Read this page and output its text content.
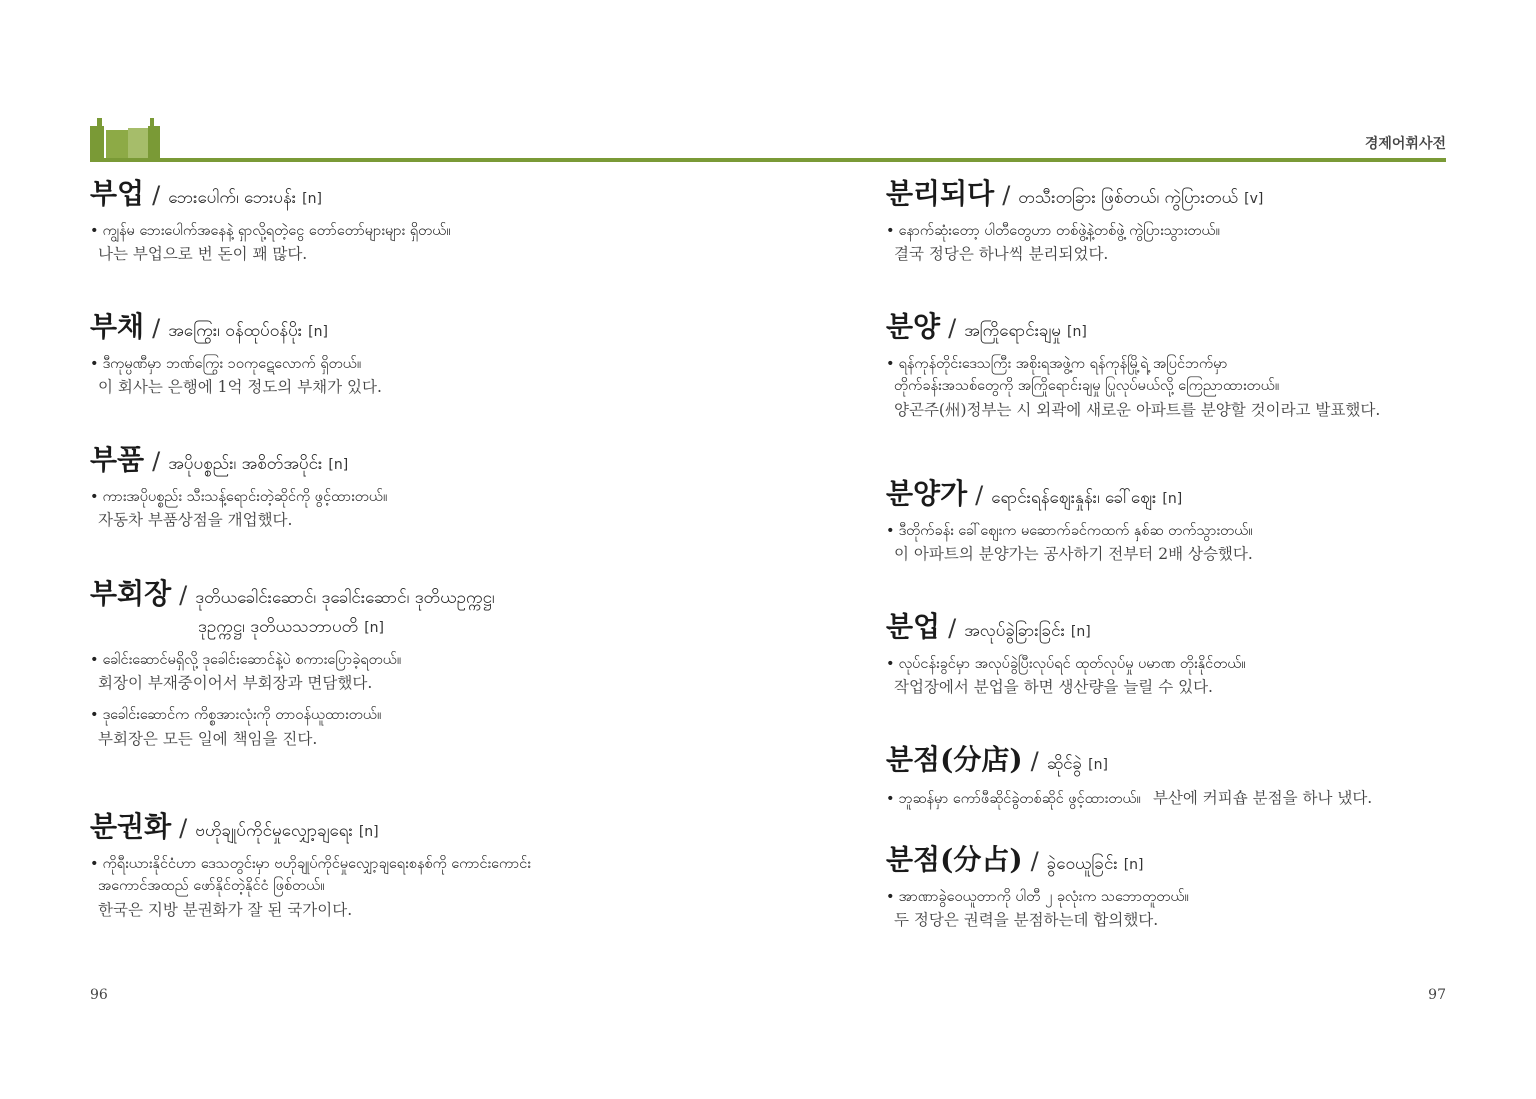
경제어휘사전
부업 / ဘေးပေါက်၊ ဘေးပန်း [n]
• ကျွန်မ ဘေးပေါက်အနေနဲ့ ရှာလို့ရတဲ့ငွေ တော်တော်များများ ရှိတယ်။
나는 부업으로 번 돈이 꽤 많다.
부채 / အကြွေး၊ ဝန်ထုပ်ဝန်ပိုး [n]
• ဒီကုမ္ပဏီမှာ ဘဏ်ကြွေး ၁၀ကုဋေလောက် ရှိတယ်။
이 회사는 은행에 1억 정도의 부채가 있다.
부품 / အပိုပစ္စည်း၊ အစိတ်အပိုင်း [n]
• ကားအပိုပစ္စည်း သီးသန့်ရောင်းတဲ့ဆိုင်ကို ဖွင့်ထားတယ်။
자동차 부품상점을 개업했다.
부회장 / ဒုတိယခေါင်းဆောင်၊ ဒုခေါင်းဆောင်၊ ဒုတိယဥက္ကဋ္ဌ၊
ဒုဥက္ကဋ္ဌ၊ ဒုတိယသဘာပတိ [n]
• ခေါင်းဆောင်မရှိလို့ ဒုခေါင်းဆောင်နဲ့ပဲ စကားပြောခဲ့ရတယ်။
회장이 부재중이어서 부회장과 면담했다.
• ဒုခေါင်းဆောင်က ကိစ္စအားလုံးကို တာဝန်ယူထားတယ်။
부회장은 모든 일에 책임을 진다.
분권화 / ဗဟိုချုပ်ကိုင်မှုလျှော့ချရေး [n]
• ကိုရီးယားနိုင်ငံဟာ ဒေသတွင်းမှာ ဗဟိုချုပ်ကိုင်မှုလျှော့ချရေးစနစ်ကို ကောင်းကောင်း
အကောင်အထည် ဖော်နိုင်တဲ့နိုင်ငံ ဖြစ်တယ်။
한국은 지방 분권화가 잘 된 국가이다.
분리되다 / တသီးတခြား ဖြစ်တယ်၊ ကွဲပြားတယ် [v]
• နောက်ဆုံးတော့ ပါတီတွေဟာ တစ်ဖွဲ့နဲ့တစ်ဖွဲ့ ကွဲပြားသွားတယ်။
결국 정당은 하나씩 분리되었다.
분양 / အကြိုရောင်းချမှု [n]
• ရန်ကုန်တိုင်းဒေသကြီး အစိုးရအဖွဲ့က ရန်ကုန်မြို့ရဲ့ အပြင်ဘက်မှာ
တိုက်ခန်းအသစ်တွေကို အကြိုရောင်းချမှု ပြုလုပ်မယ်လို့ ကြေညာထားတယ်။
양곤주(州)정부는 시 외곽에 새로운 아파트를 분양할 것이라고 발표했다.
분양가 / ရောင်းရန်ဈေးနှုန်း၊ ခေါ်ဈေး [n]
• ဒီတိုက်ခန်း ခေါ်ဈေးက မဆောက်ခင်ကထက် နှစ်ဆ တက်သွားတယ်။
이 아파트의 분양가는 공사하기 전부터 2배 상승했다.
분업 / အလုပ်ခွဲခြားခြင်း [n]
• လုပ်ငန်းခွင်မှာ အလုပ်ခွဲပြီးလုပ်ရင် ထုတ်လုပ်မှု ပမာဏ တိုးနိုင်တယ်။
작업장에서 분업을 하면 생산량을 늘릴 수 있다.
분점(分店) / ဆိုင်ခွဲ [n]
• ဘူဆန်မှာ ကော်ဖီဆိုင်ခွဲတစ်ဆိုင် ဖွင့်ထားတယ်။ 부산에 커피숍 분점을 하나 냈다.
분점(分占) / ခွဲဝေယူခြင်း [n]
• အာဏာခွဲဝေယူတာကို ပါတီ ၂ ခုလုံးက သဘောတူတယ်။
두 정당은 권력을 분점하는데 합의했다.
96	97
